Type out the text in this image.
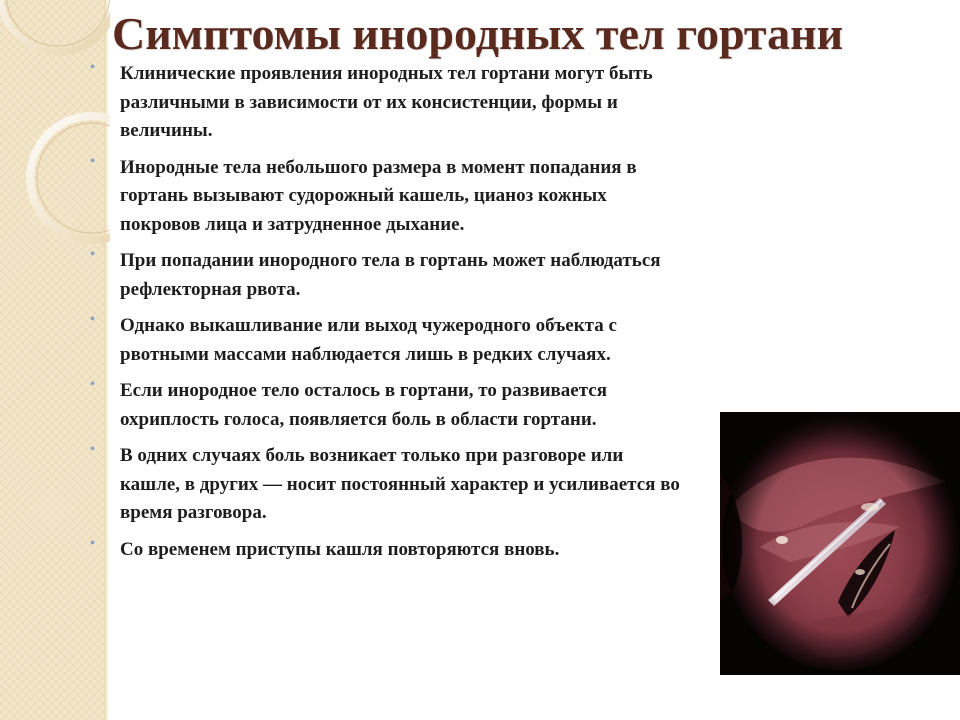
Симптомы инородных тел гортани
• Клинические проявления инородных тел гортани могут быть различными в зависимости от их консистенции, формы и величины.
• Инородные тела небольшого размера в момент попадания в гортань вызывают судорожный кашель, цианоз кожных покровов лица и затрудненное дыхание.
• При попадании инородного тела в гортань может наблюдаться рефлекторная рвота.
• Однако выкашливание или выход чужеродного объекта с рвотными массами наблюдается лишь в редких случаях.
• Если инородное тело осталось в гортани, то развивается охриплость голоса, появляется боль в области гортани.
• В одних случаях боль возникает только при разговоре или кашле, в других — носит постоянный характер и усиливается во время разговора.
• Со временем приступы кашля повторяются вновь.
